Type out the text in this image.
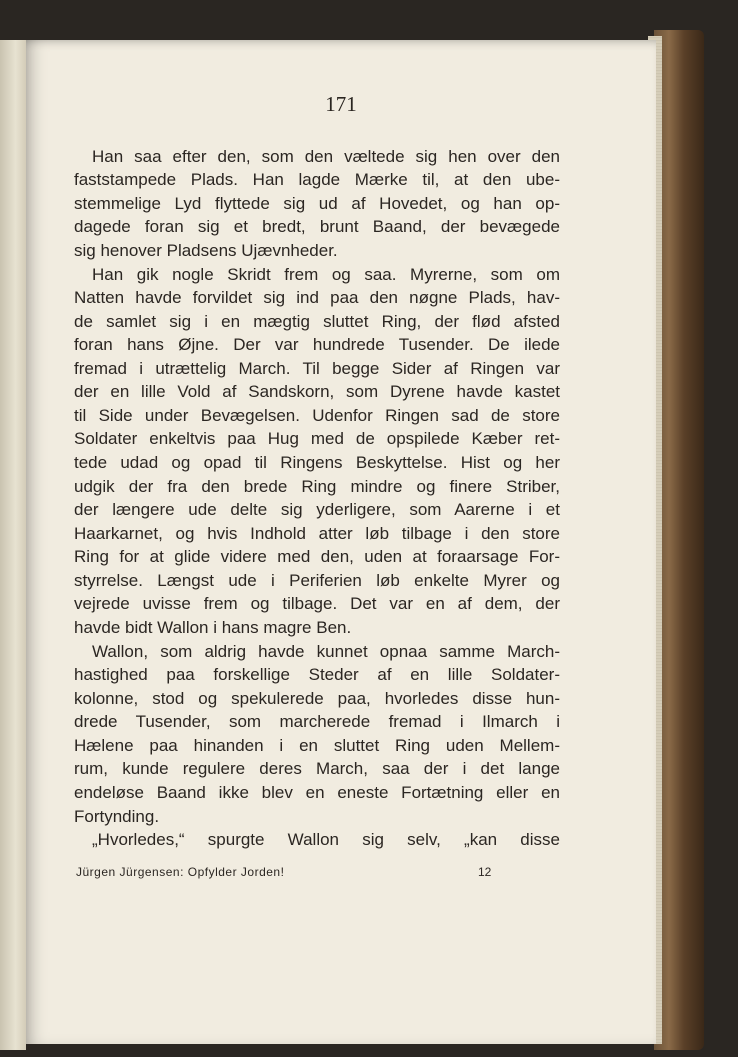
171
Han saa efter den, som den væltede sig hen over den
faststampede Plads. Han lagde Mærke til, at den ube-
stemmelige Lyd flyttede sig ud af Hovedet, og han op-
dagede foran sig et bredt, brunt Baand, der bevægede
sig henover Pladsens Ujævnheder.
Han gik nogle Skridt frem og saa. Myrerne, som om
Natten havde forvildet sig ind paa den nøgne Plads, hav-
de samlet sig i en mægtig sluttet Ring, der flød afsted
foran hans Øjne. Der var hundrede Tusender. De ilede
fremad i utrættelig March. Til begge Sider af Ringen var
der en lille Vold af Sandskorn, som Dyrene havde kastet
til Side under Bevægelsen. Udenfor Ringen sad de store
Soldater enkeltvis paa Hug med de opspilede Kæber ret-
tede udad og opad til Ringens Beskyttelse. Hist og her
udgik der fra den brede Ring mindre og finere Striber,
der længere ude delte sig yderligere, som Aarerne i et
Haarkarnet, og hvis Indhold atter løb tilbage i den store
Ring for at glide videre med den, uden at foraarsage For-
styrrelse. Længst ude i Periferien løb enkelte Myrer og
vejrede uvisse frem og tilbage. Det var en af dem, der
havde bidt Wallon i hans magre Ben.
Wallon, som aldrig havde kunnet opnaa samme March-
hastighed paa forskellige Steder af en lille Soldater-
kolonne, stod og spekulerede paa, hvorledes disse hun-
drede Tusender, som marcherede fremad i Ilmarch i
Hælene paa hinanden i en sluttet Ring uden Mellem-
rum, kunde regulere deres March, saa der i det lange
endeløse Baand ikke blev en eneste Fortætning eller en
Fortynding.
„Hvorledes,“ spurgte Wallon sig selv, „kan disse
Jürgen Jürgensen: Opfylder Jorden!	12
